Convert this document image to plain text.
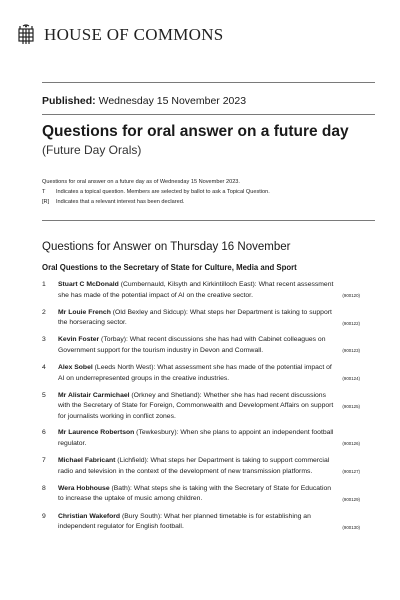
HOUSE OF COMMONS
Published: Wednesday 15 November 2023
Questions for oral answer on a future day
(Future Day Orals)
Questions for oral answer on a future day as of Wednesday 15 November 2023.
T	Indicates a topical question. Members are selected by ballot to ask a Topical Question.
[R]	Indicates that a relevant interest has been declared.
Questions for Answer on Thursday 16 November
Oral Questions to the Secretary of State for Culture, Media and Sport
1
(900120)
Stuart C McDonald (Cumbernauld, Kilsyth and Kirkintilloch East): What recent assessment she has made of the potential impact of AI on the creative sector.
2
(900122)
Mr Louie French (Old Bexley and Sidcup): What steps her Department is taking to support the horseracing sector.
3
(900123)
Kevin Foster (Torbay): What recent discussions she has had with Cabinet colleagues on Government support for the tourism industry in Devon and Cornwall.
4
(900124)
Alex Sobel (Leeds North West): What assessment she has made of the potential impact of AI on underrepresented groups in the creative industries.
5
(900125)
Mr Alistair Carmichael (Orkney and Shetland): Whether she has had recent discussions with the Secretary of State for Foreign, Commonwealth and Development Affairs on support for journalists working in conflict zones.
6
(900126)
Mr Laurence Robertson (Tewkesbury): When she plans to appoint an independent football regulator.
7
(900127)
Michael Fabricant (Lichfield): What steps her Department is taking to support commercial radio and television in the context of the development of new transmission platforms.
8
(900129)
Wera Hobhouse (Bath): What steps she is taking with the Secretary of State for Education to increase the uptake of music among children.
9
(900130)
Christian Wakeford (Bury South): What her planned timetable is for establishing an independent regulator for English football.
